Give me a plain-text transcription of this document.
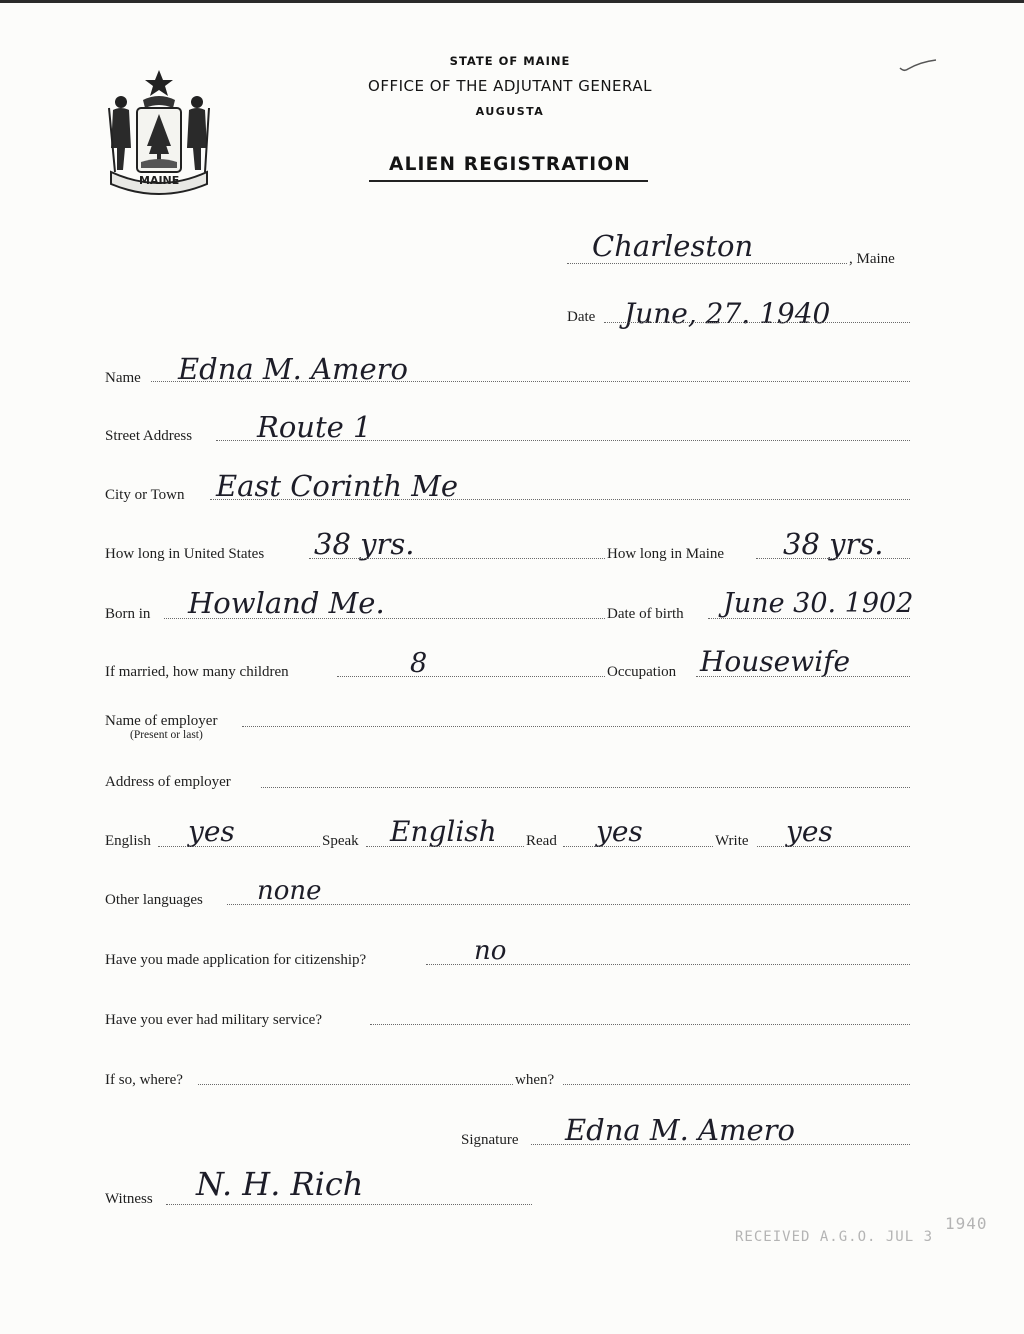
MAINE
STATE OF MAINE
OFFICE OF THE ADJUTANT GENERAL
AUGUSTA
ALIEN REGISTRATION
Charleston	, Maine
Date June, 27. 1940
Name Edna M. Amero
Street Address Route 1
City or Town East Corinth Me
How long in United States 38 yrs.	How long in Maine 38 yrs.
Born in Howland Me.	Date of birth June 30. 1902
If married, how many children	8	Occupation Housewife
Name of employer
(Present or last)
Address of employer
English yes	Speak English Read yes	Write yes
Other languages none
Have you made application for citizenship?	no
Have you ever had military service?
If so, where?	when?
Signature Edna M. Amero
Witness N. H. Rich
RECEIVED A.G.O. JUL 31940
